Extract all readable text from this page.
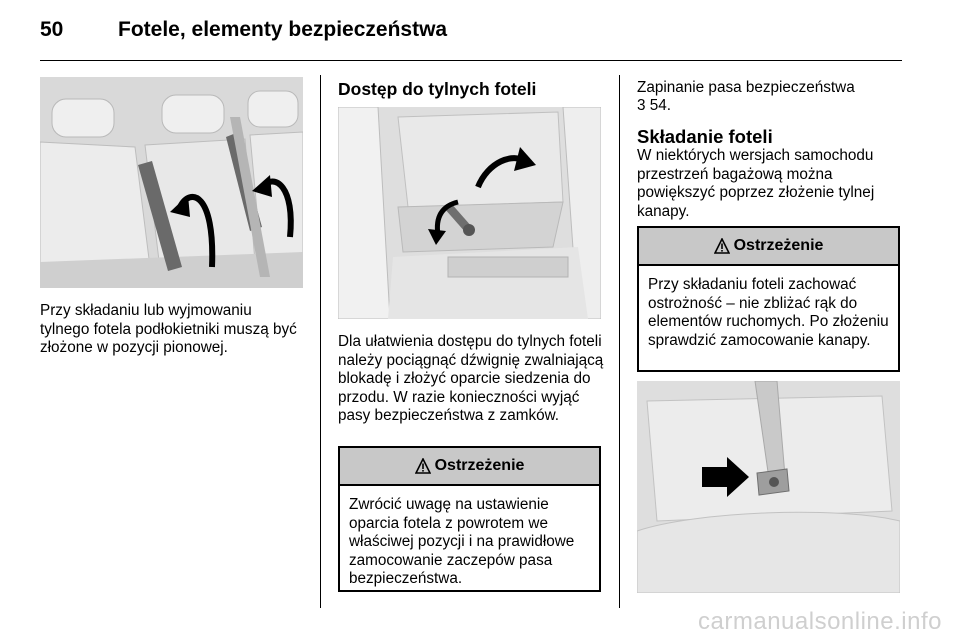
50	Fotele, elementy bezpieczeństwa
Przy składaniu lub wyjmowaniu tylnego fotela podłokietniki muszą być złożone w pozycji pionowej.
Dostęp do tylnych foteli
Dla ułatwienia dostępu do tylnych foteli należy pociągnąć dźwignię zwalniającą blokadę i złożyć oparcie siedzenia do przodu. W razie konieczności wyjąć pasy bezpieczeństwa z zamków.
Ostrzeżenie
Zwrócić uwagę na ustawienie oparcia fotela z powrotem we właściwej pozycji i na prawidłowe zamocowanie zaczepów pasa bezpieczeństwa.
Zapinanie pasa bezpieczeństwa
3 54.
Składanie foteli
W niektórych wersjach samochodu przestrzeń bagażową można powiększyć poprzez złożenie tylnej kanapy.
Ostrzeżenie
Przy składaniu foteli zachować ostrożność – nie zbliżać rąk do elementów ruchomych. Po złożeniu sprawdzić zamocowanie kanapy.
carmanualsonline.info
